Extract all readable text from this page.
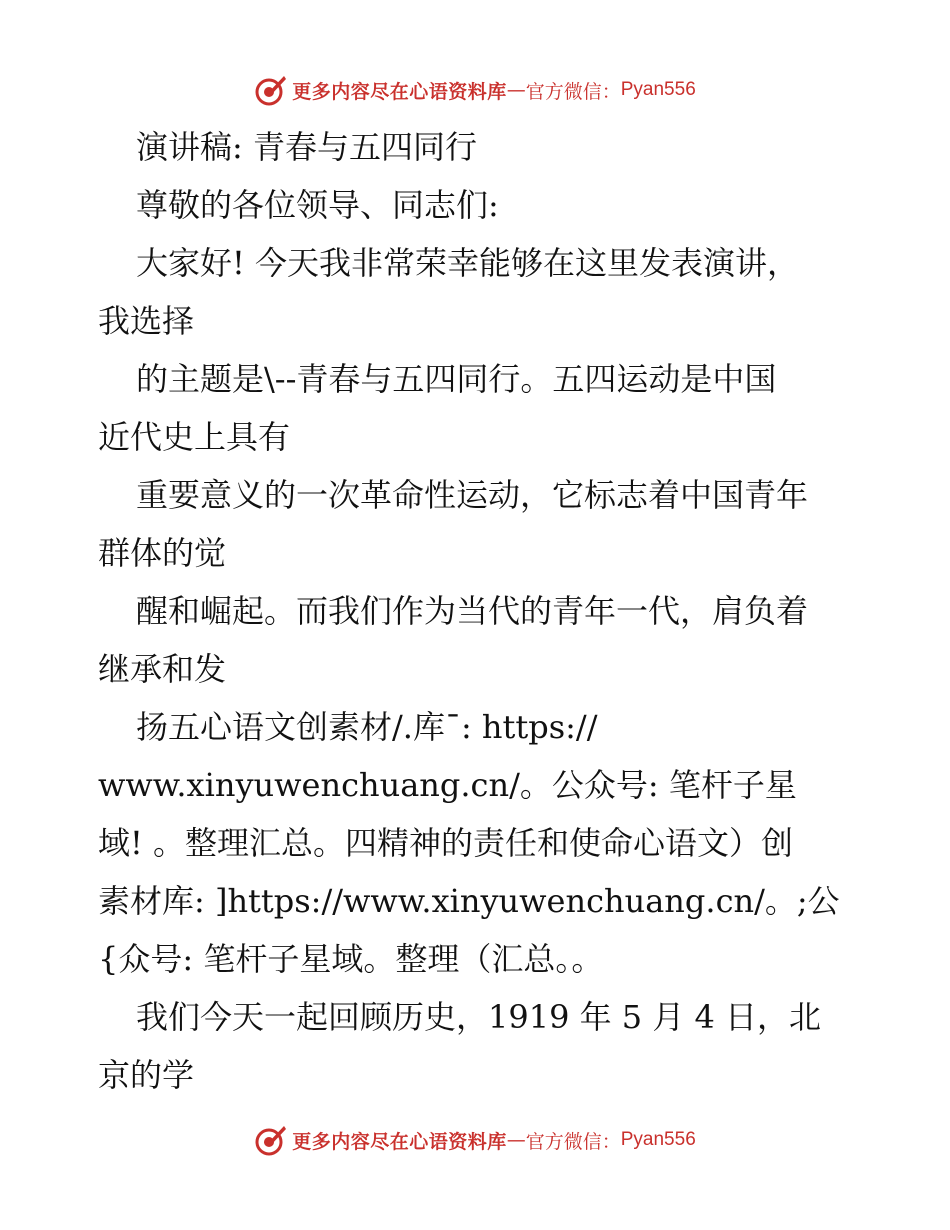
更多内容尽在心语资料库 — 官方微信： Pyan556
演讲稿: 青春与五四同行
尊敬的各位领导、同志们:
大家好! 今天我非常荣幸能够在这里发表演讲，
我选择
的主题是\--青春与五四同行。五四运动是中国
近代史上具有
重要意义的一次革命性运动，它标志着中国青年
群体的觉
醒和崛起。而我们作为当代的青年一代，肩负着
继承和发
扬五心语文创素材/.库¯: https://
www.xinyuwenchuang.cn/。公众号: 笔杆子星
域! 。整理汇总。四精神的责任和使命心语文）创
素材库: ]https://www.xinyuwenchuang.cn/。;公
{众号: 笔杆子星域。整理（汇总。。
我们今天一起回顾历史，1919 年 5 月 4 日，北
京的学
更多内容尽在心语资料库 — 官方微信： Pyan556
